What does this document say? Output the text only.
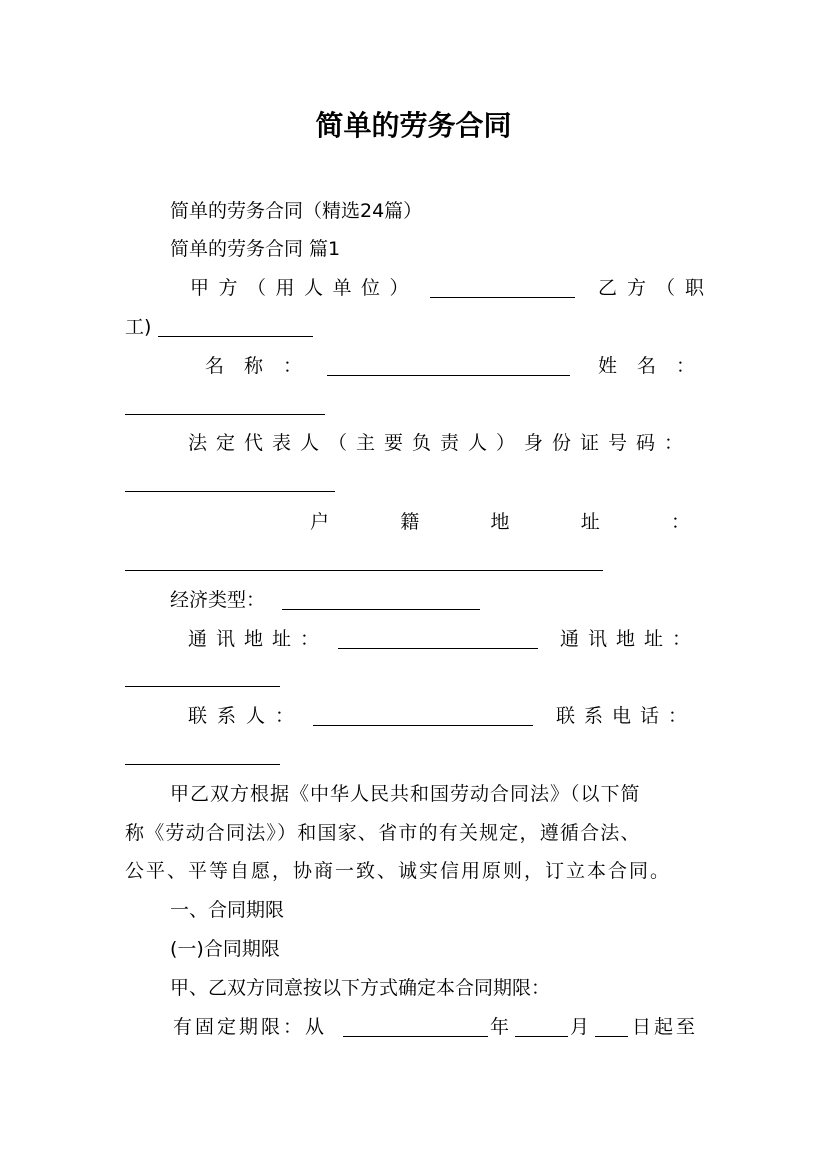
简单的劳务合同
简单的劳务合同（精选24篇）
简单的劳务合同 篇1
甲方（用人单位）	乙方（职
工)
名称：	姓名：
法定代表人（主要负责人）身份证号码：
户	籍	地	址	：
经济类型：
通讯地址：	通讯地址：
联系人：	联系电话：
甲乙双方根据《中华人民共和国劳动合同法》（以下简
称《劳动合同法》）和国家、省市的有关规定，遵循合法、
公平、平等自愿，协商一致、诚实信用原则，订立本合同。
一、合同期限
(一)合同期限
甲、乙双方同意按以下方式确定本合同期限：
有固定期限：从	年	月 日起至
